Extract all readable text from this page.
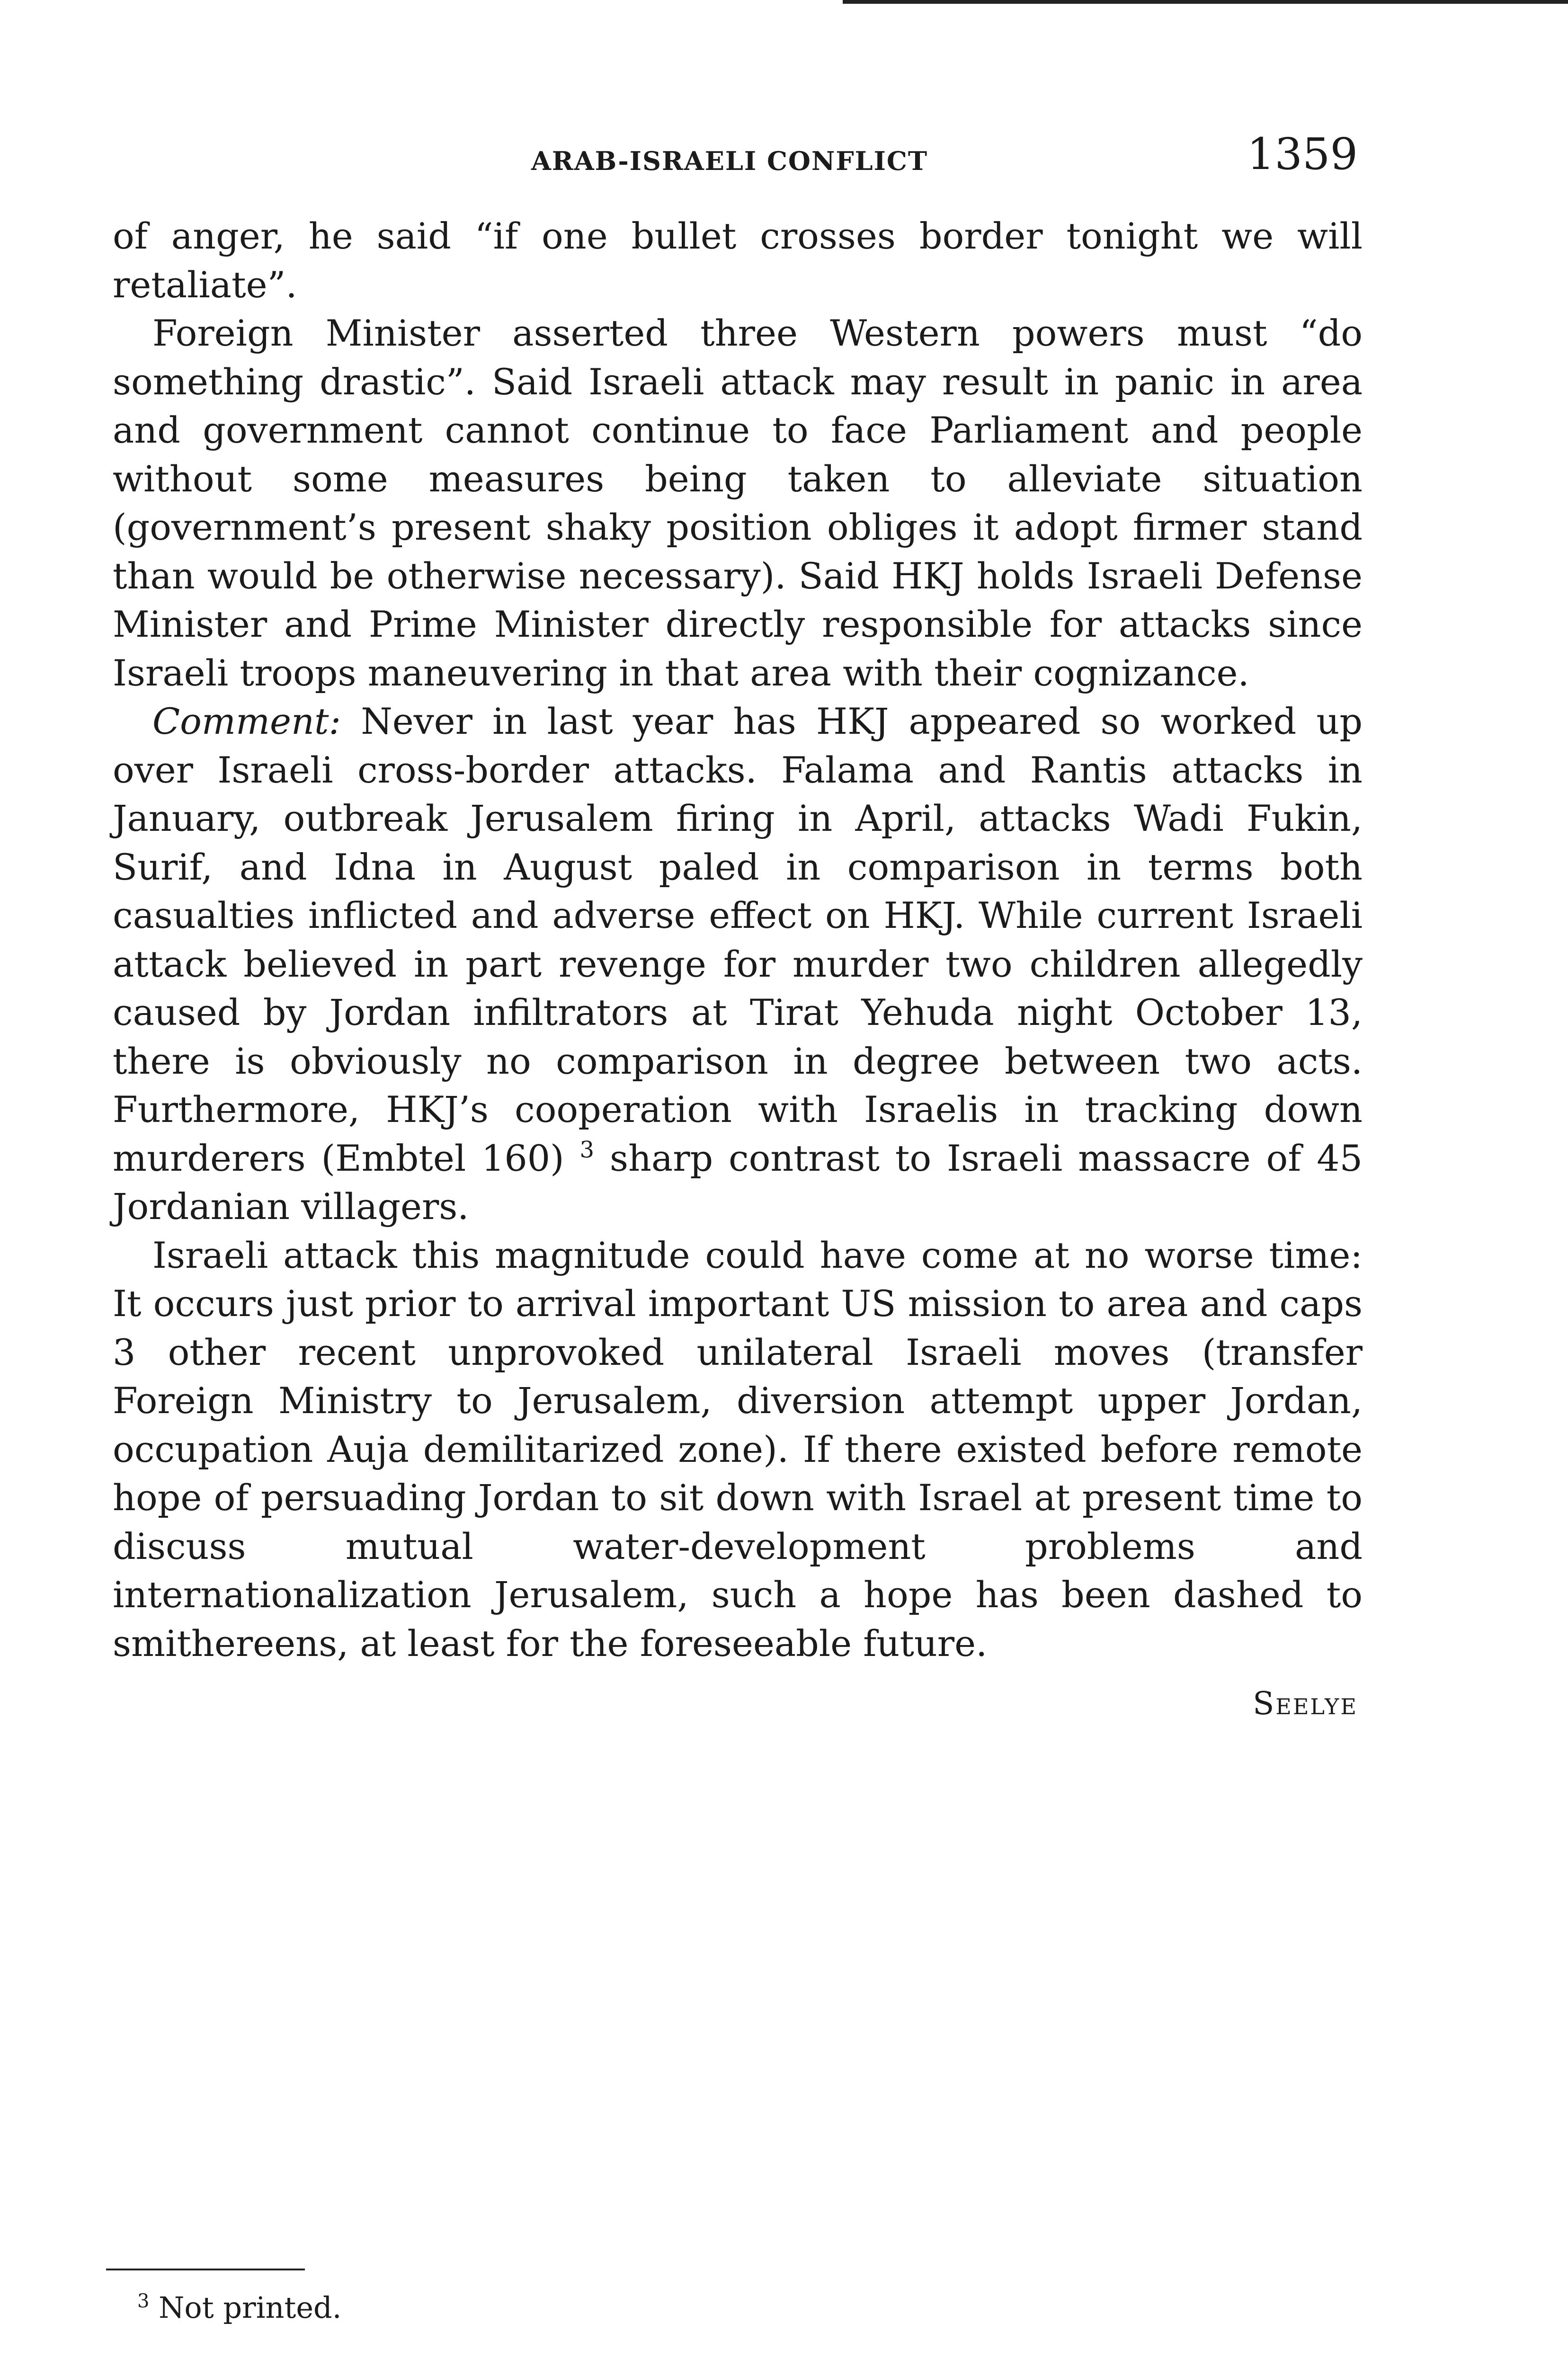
ARAB-ISRAELI CONFLICT	1359

of anger, he said “if one bullet crosses border tonight we will retaliate”.

Foreign Minister asserted three Western powers must “do something drastic”. Said Israeli attack may result in panic in area and government cannot continue to face Parliament and people without some measures being taken to alleviate situation (government’s present shaky position obliges it adopt firmer stand than would be otherwise necessary). Said HKJ holds Israeli Defense Minister and Prime Minister directly responsible for attacks since Israeli troops maneuvering in that area with their cognizance.

Comment: Never in last year has HKJ appeared so worked up over Israeli cross-border attacks. Falama and Rantis attacks in January, outbreak Jerusalem firing in April, attacks Wadi Fukin, Surif, and Idna in August paled in comparison in terms both casualties inflicted and adverse effect on HKJ. While current Israeli attack believed in part revenge for murder two children allegedly caused by Jordan infiltrators at Tirat Yehuda night October 13, there is obviously no comparison in degree between two acts. Furthermore, HKJ’s cooperation with Israelis in tracking down murderers (Embtel 160) $^3$ sharp contrast to Israeli massacre of 45 Jordanian villagers.

Israeli attack this magnitude could have come at no worse time: It occurs just prior to arrival important US mission to area and caps 3 other recent unprovoked unilateral Israeli moves (transfer Foreign Ministry to Jerusalem, diversion attempt upper Jordan, occupation Auja demilitarized zone). If there existed before remote hope of persuading Jordan to sit down with Israel at present time to discuss mutual water-development problems and internationalization Jerusalem, such a hope has been dashed to smithereens, at least for the foreseeable future.

Seelye
$^3$ Not printed.
